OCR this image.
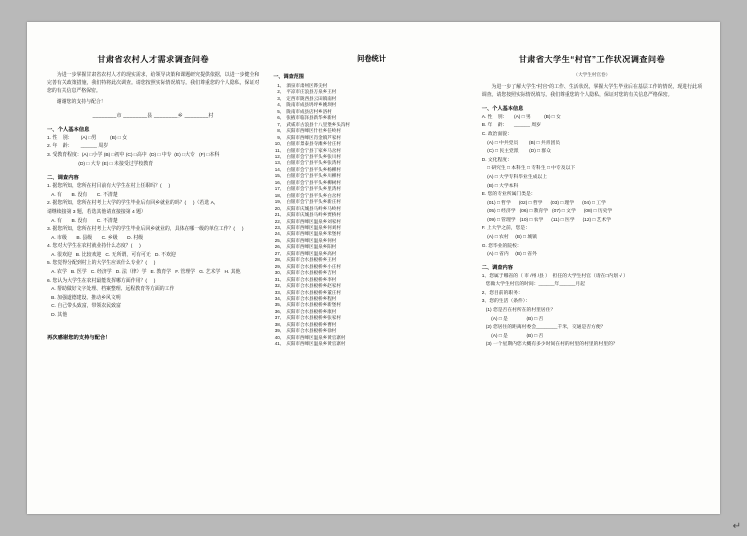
甘肃省农村人才需求调查问卷

为进一步掌握甘肃省农村人才的现实需求，给领导决策和课题研究提供依据，以进一步健全和完善有关政策措施，我们特将此次调查。请您按照实际情况填写。我们尊重您的个人隐私，保证对您的有关信息严格保密。

谢谢您的支持与配合！

________市 ________县 ________乡 ________村
一、个人基本信息
1. 性    别：      (A) □男          (B) □ 女
2. 年    龄：      ______ 周岁
3. 受教育程度：(A) □小学 (B) □初中 (C) □高中  (D) □ 中专  (E) □大专   (F) □本科
(D) □ 大专 (E) □ 未接受过学校教育
二、调查内容
1. 据您所知，您所在村目前有大学生在村上任职吗？(     )
A. 有       B. 没有       C. 不清楚
2. 据您所知，您所在村考上大学的学生毕业后有回乡就业的吗？(     )（若选 A，
请继续接第 3 题，若选其他请直接接第 4 题）
A. 有       B. 没有       C. 不清楚
3. 据您所知，您所在村考上大学的学生毕业后回乡就业的，具体在哪一级的单位工作？(     )
A. 市级       B. 县级       C. 乡级       D. 村级
4. 您对大学生在农村就业持什么态度？(     )
A. 很欢迎   B. 比较欢迎   C. 无所谓，可有可无   D. 不欢迎
5. 您觉得分配到村上的大学生应该什么专业？(     )
A. 农学   B. 医学   C. 经济学   D. 法（律）学   E. 教育学   F. 管理学   G. 艺术学   H. 其他
6. 您认为大学生在农村最能发挥哪方面作用？(     )
A. 帮助做好文字处理、档案整理、远程教育等方面的工作
B. 加强道德建设、推动乡风文明
C. 自己带头致富，带领农民致富
D. 其他
再次感谢您的支持与配合！
问卷统计
一、调查范围
1、 酒泉市肃州区铧尖村
2、 平凉市庄浪县万泉乡王村
3、 定西市陇西县云田镇南村
4、 陇南市成县坍坪乡姚坝村
5、 陇南市成县店村乡洛村
6、 张掖市临泽县新华乡新村
7、 武威市古浪县十八里堡乡头沟村
8、 庆阳市西峰区什社乡任岭村
9、 庆阳市西峰区肖金镇芦家村
10、 白银市景泰县寺滩乡付庄村
11、 白银市会宁县丁家乡马岔村
12、 白银市会宁县平头乡张川村
13、 白银市会宁县平头乡张湾村
14、 白银市会宁县平头乡杨柳村
15、 白银市会宁县平头乡川柳村
16、 白银市会宁县平头乡柳树村
17、 白银市会宁县平头乡里湾村
18、 白银市会宁县平头乡白岔村
19、 白银市会宁县平头乡新庄村
20、 庆阳市庆城县马岭乡马岭村
21、 庆阳市庆城县马岭乡贾桥村
22、 庆阳市西峰区温泉乡刘家村
23、 庆阳市西峰区温泉乡何刘村
24、 庆阳市西峰区温泉乡米堡村
25、 庆阳市西峰区温泉乡何村
26、 庆阳市西峰区温泉乡阳村
27、 庆阳市西峰区温泉乡高村
28、 庆阳市合水县板桥乡王村
29、 庆阳市合水县板桥乡小庄村
30、 庆阳市合水县板桥乡吉村
31、 庆阳市合水县板桥乡李村
32、 庆阳市合水县板桥乡赵家村
33、 庆阳市合水县板桥乡董庄村
34、 庆阳市合水县板桥乡程村
35、 庆阳市合水县板桥乡新堡村
36、 庆阳市合水县板桥乡康村
37、 庆阳市合水县板桥乡张家村
38、 庆阳市合水县板桥乡曹村
39、 庆阳市合水县板桥乡徐村
40、 庆阳市西峰区温泉乡黄官寨村
41、 庆阳市西峰区温泉乡黄官寨村
甘肃省大学生“村官”工作状况调查问卷
（大学生村官卷）

为进一步了解大学生“村官”的工作、生活状况，掌握大学生毕业后在基层工作的情况，现进行此项调查。请您按照实际情况填写。我们尊重您的个人隐私，保证对您的有关信息严格保密。

一、个人基本信息
A. 性    别：     (A) □ 男          (B) □ 女
B. 年    龄：     ______ 周岁
C. 政治面貌：
(A) □ 中共党员        (B) □ 共青团员
(C) □ 民主党派        (D) □ 群众
D. 文化程度：
□ 研究生 □ 本科生 □ 专科生 □ 中专及以下
(A) □ 大学专科毕业生成以上
(B) □ 大学本科
E. 您的专业所属门类是：
(01) □ 哲学      (02) □ 哲学      (03) □ 理学      (04) □ 工学
(05) □ 经济学   (06) □ 教育学   (07) □ 文学      (08) □ 历史学
(09) □ 管理学   (10) □ 农学      (11) □ 医学      (12) □ 艺术学
F. 上大学之前，您是：
(A) □ 农村     (B) □ 城镇
G. 您毕业的院校：
(A) □ 省内     (B) □ 省外
二、调查内容
1、您属于哪省的（ 市 /州 /县 ）  担任的大学生村官（请在□内划 √ ）
您做大学生村官的时间：______年______月起
2、您目前的职务：
3、您的生活（条件）：
(1) 您是否在村所在的村里居住？
(A) □ 是              (B) □ 否
(2) 您居住的距离村委会________千米，交通是否方便？
(A) □ 是              (B) □ 否
(3) 一个星期内您大概有多少时间在村的村里的村里的村里的？
↵
